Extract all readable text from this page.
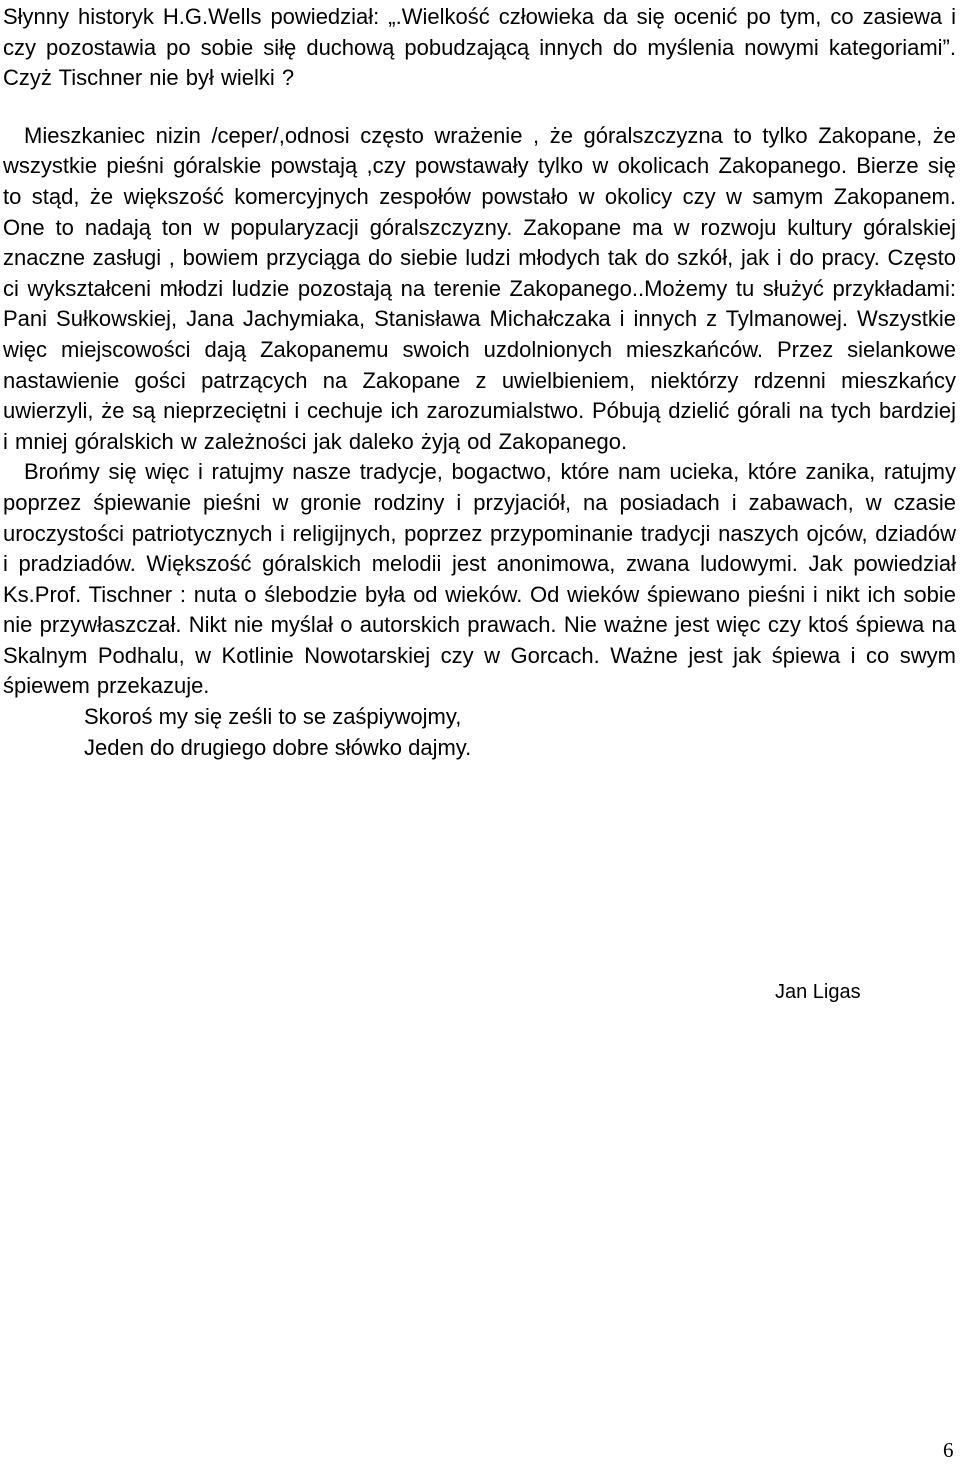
Słynny historyk H.G.Wells powiedział: „.Wielkość człowieka da się ocenić po tym, co zasiewa i czy pozostawia po sobie siłę duchową pobudzającą innych do myślenia nowymi kategoriami”. Czyż Tischner nie był wielki ?

Mieszkaniec nizin /ceper/,odnosi często wrażenie , że góralszczyzna to tylko Zakopane, że wszystkie pieśni góralskie powstają ,czy powstawały tylko w okolicach Zakopanego. Bierze się to stąd, że większość komercyjnych zespołów powstało w okolicy czy w samym Zakopanem. One to nadają ton w popularyzacji góralszczyzny. Zakopane ma w rozwoju kultury góralskiej znaczne zasługi , bowiem przyciąga do siebie ludzi młodych tak do szkół, jak i do pracy. Często ci wykształceni młodzi ludzie pozostają na terenie Zakopanego..Możemy tu służyć przykładami: Pani Sułkowskiej, Jana Jachymiaka, Stanisława Michałczaka i innych z Tylmanowej. Wszystkie więc miejscowości dają Zakopanemu swoich uzdolnionych mieszkańców. Przez sielankowe nastawienie gości patrzących na Zakopane z uwielbieniem, niektórzy rdzenni mieszkańcy uwierzyli, że są nieprzeciętni i cechuje ich zarozumialstwo. Póbują dzielić górali na tych bardziej i mniej góralskich w zależności jak daleko żyją od Zakopanego.

Brońmy się więc i ratujmy nasze tradycje, bogactwo, które nam ucieka, które zanika, ratujmy poprzez śpiewanie pieśni w gronie rodziny i przyjaciół, na posiadach i zabawach, w czasie uroczystości patriotycznych i religijnych, poprzez przypominanie tradycji naszych ojców, dziadów i pradziadów. Większość góralskich melodii jest anonimowa, zwana ludowymi. Jak powiedział Ks.Prof. Tischner : nuta o ślebodzie była od wieków. Od wieków śpiewano pieśni i nikt ich sobie nie przywłaszczał. Nikt nie myślał o autorskich prawach. Nie ważne jest więc czy ktoś śpiewa na Skalnym Podhalu, w Kotlinie Nowotarskiej czy w Gorcach. Ważne jest jak śpiewa i co swym śpiewem przekazuje.

Skoroś my się ześli to se zaśpiywojmy,

Jeden do drugiego dobre słówko dajmy.

Jan Ligas
6
